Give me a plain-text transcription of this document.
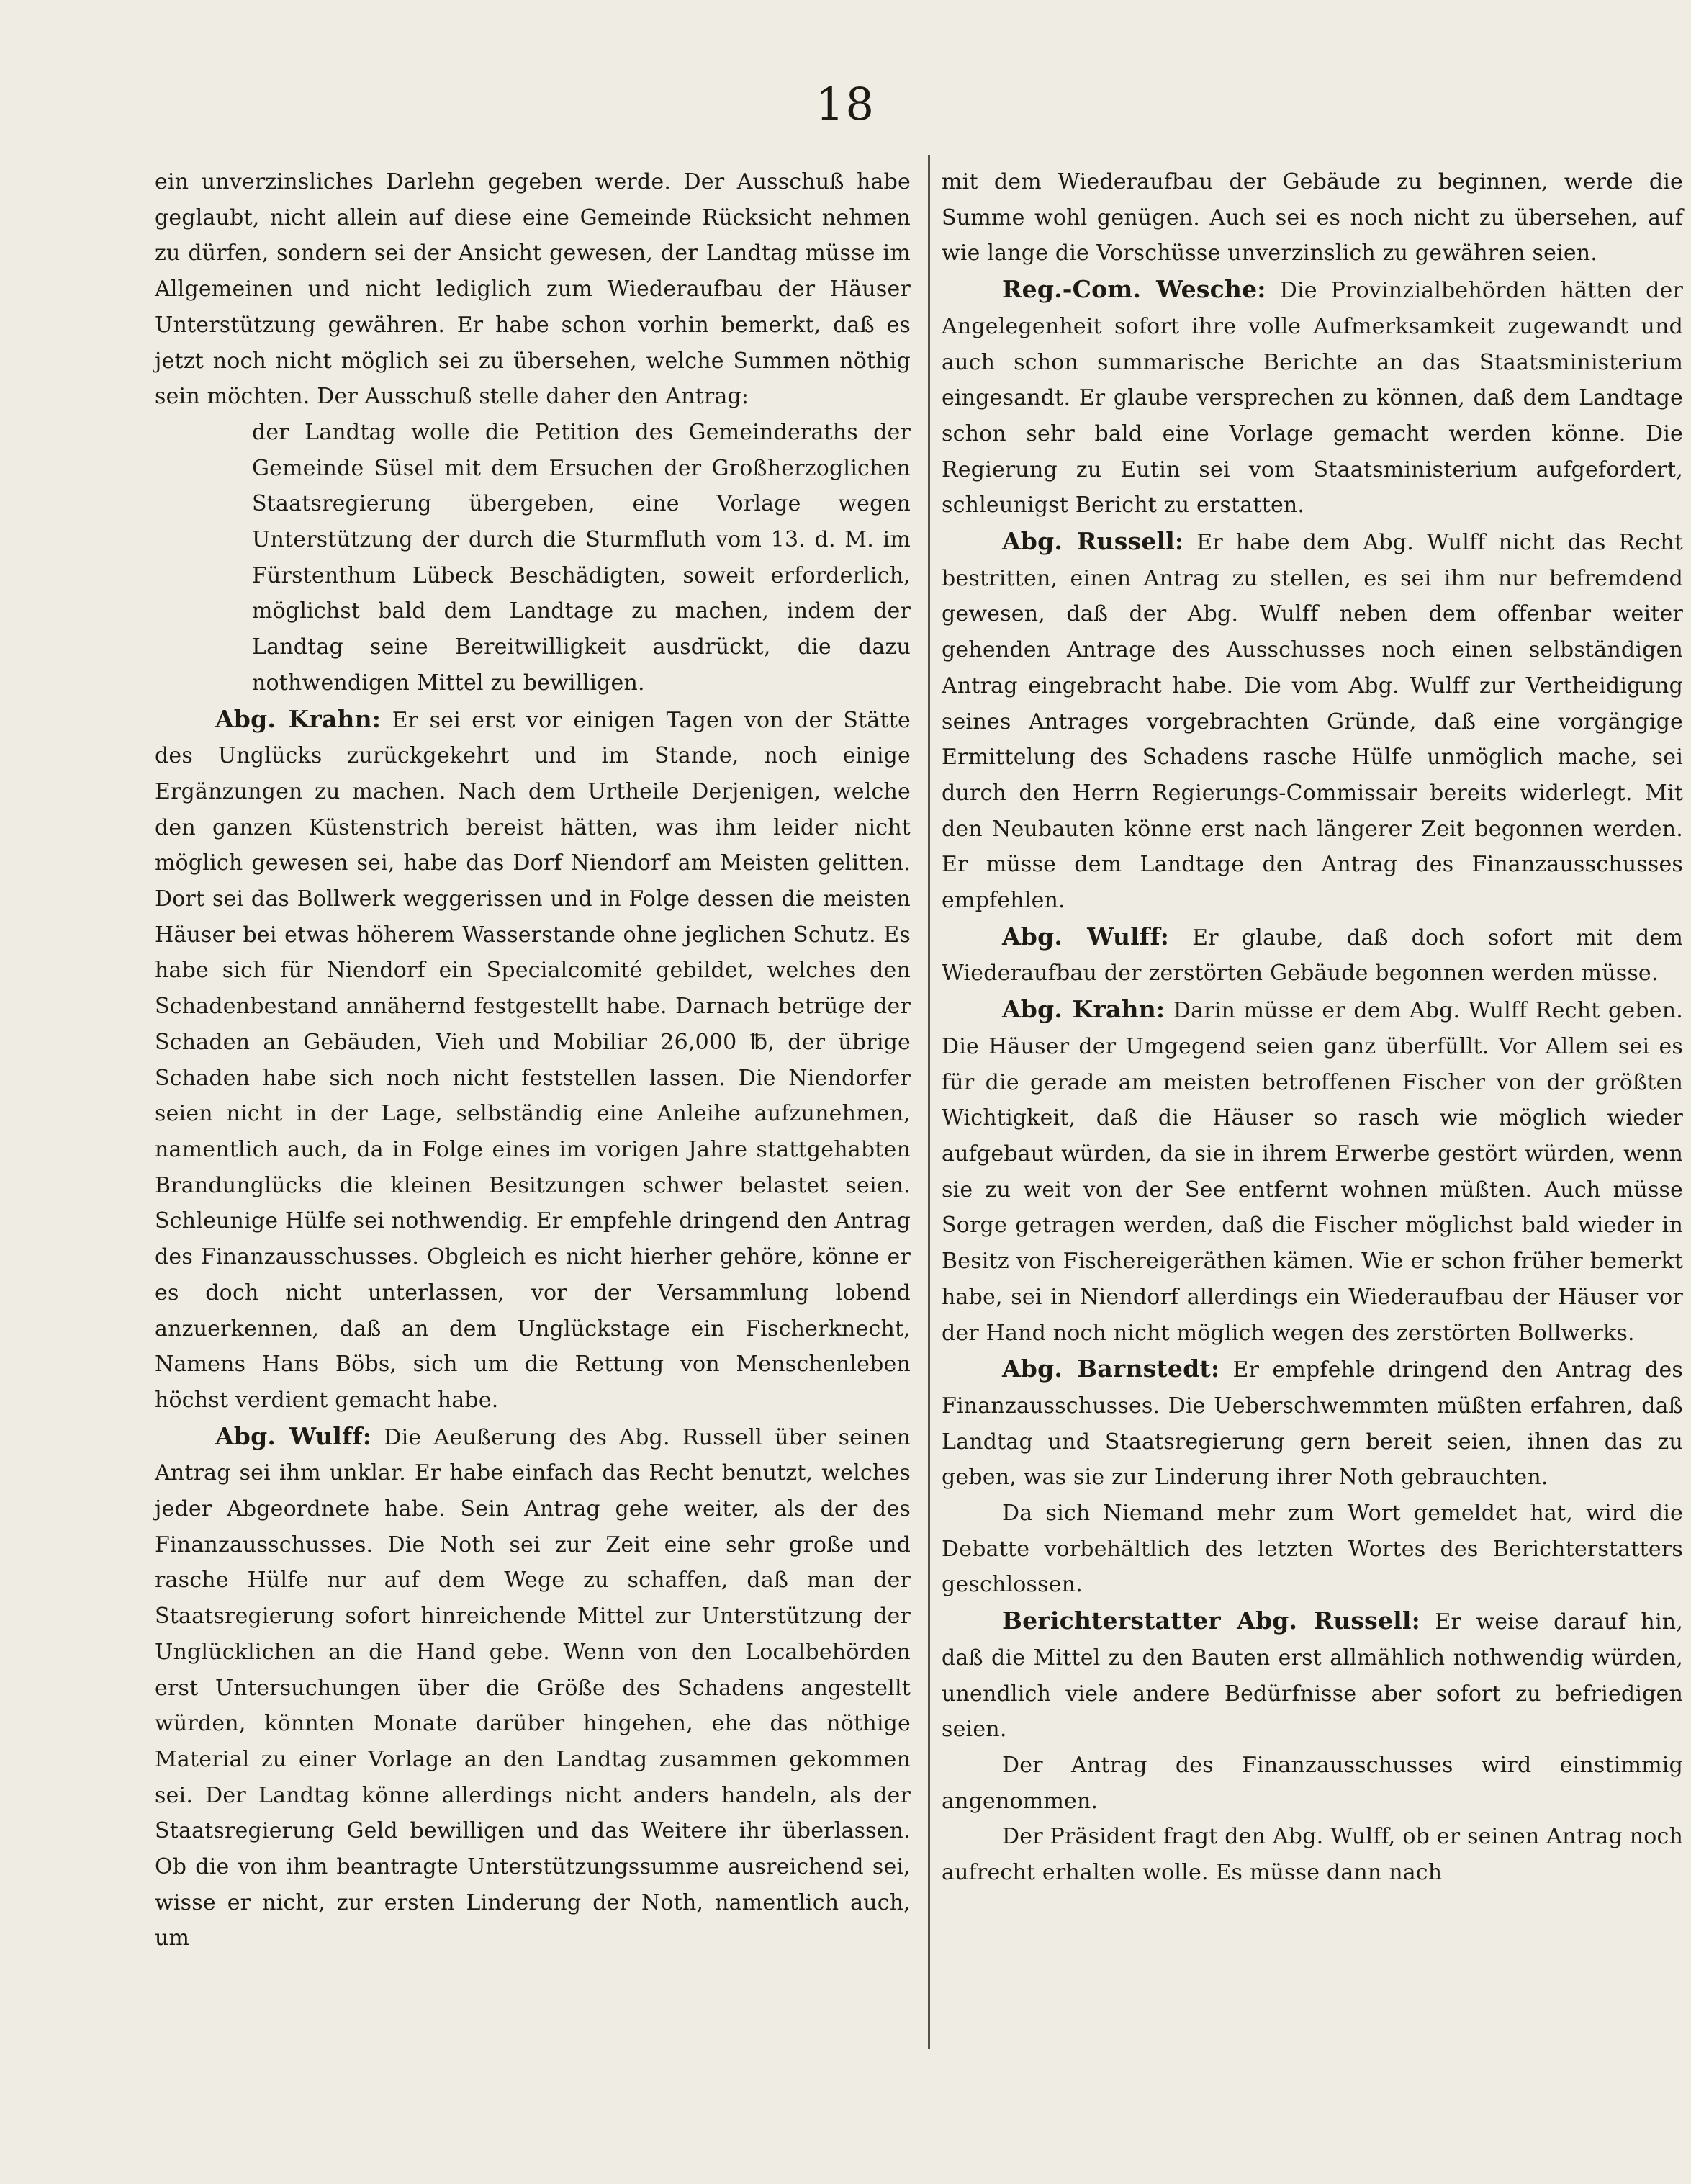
18

ein unverzinsliches Darlehn gegeben werde. Der Ausschuß habe geglaubt, nicht allein auf diese eine Gemeinde Rücksicht nehmen zu dürfen, sondern sei der Ansicht gewesen, der Landtag müsse im Allgemeinen und nicht lediglich zum Wiederaufbau der Häuser Unterstützung gewähren. Er habe schon vorhin bemerkt, daß es jetzt noch nicht möglich sei zu übersehen, welche Summen nöthig sein möchten. Der Ausschuß stelle daher den Antrag:

der Landtag wolle die Petition des Gemeinderaths der Gemeinde Süsel mit dem Ersuchen der Großherzoglichen Staatsregierung übergeben, eine Vorlage wegen Unterstützung der durch die Sturmfluth vom 13. d. M. im Fürstenthum Lübeck Beschädigten, soweit erforderlich, möglichst bald dem Landtage zu machen, indem der Landtag seine Bereitwilligkeit ausdrückt, die dazu nothwendigen Mittel zu bewilligen.

Abg. Krahn: Er sei erst vor einigen Tagen von der Stätte des Unglücks zurückgekehrt und im Stande, noch einige Ergänzungen zu machen. Nach dem Urtheile Derjenigen, welche den ganzen Küstenstrich bereist hätten, was ihm leider nicht möglich gewesen sei, habe das Dorf Niendorf am Meisten gelitten. Dort sei das Bollwerk weggerissen und in Folge dessen die meisten Häuser bei etwas höherem Wasserstande ohne jeglichen Schutz. Es habe sich für Niendorf ein Specialcomité gebildet, welches den Schadenbestand annähernd festgestellt habe. Darnach betrüge der Schaden an Gebäuden, Vieh und Mobiliar 26,000 ℔, der übrige Schaden habe sich noch nicht feststellen lassen. Die Niendorfer seien nicht in der Lage, selbständig eine Anleihe aufzunehmen, namentlich auch, da in Folge eines im vorigen Jahre stattgehabten Brandunglücks die kleinen Besitzungen schwer belastet seien. Schleunige Hülfe sei nothwendig. Er empfehle dringend den Antrag des Finanzausschusses. Obgleich es nicht hierher gehöre, könne er es doch nicht unterlassen, vor der Versammlung lobend anzuerkennen, daß an dem Unglückstage ein Fischerknecht, Namens Hans Böbs, sich um die Rettung von Menschenleben höchst verdient gemacht habe.

Abg. Wulff: Die Aeußerung des Abg. Russell über seinen Antrag sei ihm unklar. Er habe einfach das Recht benutzt, welches jeder Abgeordnete habe. Sein Antrag gehe weiter, als der des Finanzausschusses. Die Noth sei zur Zeit eine sehr große und rasche Hülfe nur auf dem Wege zu schaffen, daß man der Staatsregierung sofort hinreichende Mittel zur Unterstützung der Unglücklichen an die Hand gebe. Wenn von den Localbehörden erst Untersuchungen über die Größe des Schadens angestellt würden, könnten Monate darüber hingehen, ehe das nöthige Material zu einer Vorlage an den Landtag zusammen gekommen sei. Der Landtag könne allerdings nicht anders handeln, als der Staatsregierung Geld bewilligen und das Weitere ihr überlassen. Ob die von ihm beantragte Unterstützungssumme ausreichend sei, wisse er nicht, zur ersten Linderung der Noth, namentlich auch, um

mit dem Wiederaufbau der Gebäude zu beginnen, werde die Summe wohl genügen. Auch sei es noch nicht zu übersehen, auf wie lange die Vorschüsse unverzinslich zu gewähren seien.

Reg.-Com. Wesche: Die Provinzialbehörden hätten der Angelegenheit sofort ihre volle Aufmerksamkeit zugewandt und auch schon summarische Berichte an das Staatsministerium eingesandt. Er glaube versprechen zu können, daß dem Landtage schon sehr bald eine Vorlage gemacht werden könne. Die Regierung zu Eutin sei vom Staatsministerium aufgefordert, schleunigst Bericht zu erstatten.

Abg. Russell: Er habe dem Abg. Wulff nicht das Recht bestritten, einen Antrag zu stellen, es sei ihm nur befremdend gewesen, daß der Abg. Wulff neben dem offenbar weiter gehenden Antrage des Ausschusses noch einen selbständigen Antrag eingebracht habe. Die vom Abg. Wulff zur Vertheidigung seines Antrages vorgebrachten Gründe, daß eine vorgängige Ermittelung des Schadens rasche Hülfe unmöglich mache, sei durch den Herrn Regierungs-Commissair bereits widerlegt. Mit den Neubauten könne erst nach längerer Zeit begonnen werden. Er müsse dem Landtage den Antrag des Finanzausschusses empfehlen.

Abg. Wulff: Er glaube, daß doch sofort mit dem Wiederaufbau der zerstörten Gebäude begonnen werden müsse.

Abg. Krahn: Darin müsse er dem Abg. Wulff Recht geben. Die Häuser der Umgegend seien ganz überfüllt. Vor Allem sei es für die gerade am meisten betroffenen Fischer von der größten Wichtigkeit, daß die Häuser so rasch wie möglich wieder aufgebaut würden, da sie in ihrem Erwerbe gestört würden, wenn sie zu weit von der See entfernt wohnen müßten. Auch müsse Sorge getragen werden, daß die Fischer möglichst bald wieder in Besitz von Fischereigeräthen kämen. Wie er schon früher bemerkt habe, sei in Niendorf allerdings ein Wiederaufbau der Häuser vor der Hand noch nicht möglich wegen des zerstörten Bollwerks.

Abg. Barnstedt: Er empfehle dringend den Antrag des Finanzausschusses. Die Ueberschwemmten müßten erfahren, daß Landtag und Staatsregierung gern bereit seien, ihnen das zu geben, was sie zur Linderung ihrer Noth gebrauchten.

Da sich Niemand mehr zum Wort gemeldet hat, wird die Debatte vorbehältlich des letzten Wortes des Berichterstatters geschlossen.

Berichterstatter Abg. Russell: Er weise darauf hin, daß die Mittel zu den Bauten erst allmählich nothwendig würden, unendlich viele andere Bedürfnisse aber sofort zu befriedigen seien.

Der Antrag des Finanzausschusses wird einstimmig angenommen.

Der Präsident fragt den Abg. Wulff, ob er seinen Antrag noch aufrecht erhalten wolle. Es müsse dann nach
